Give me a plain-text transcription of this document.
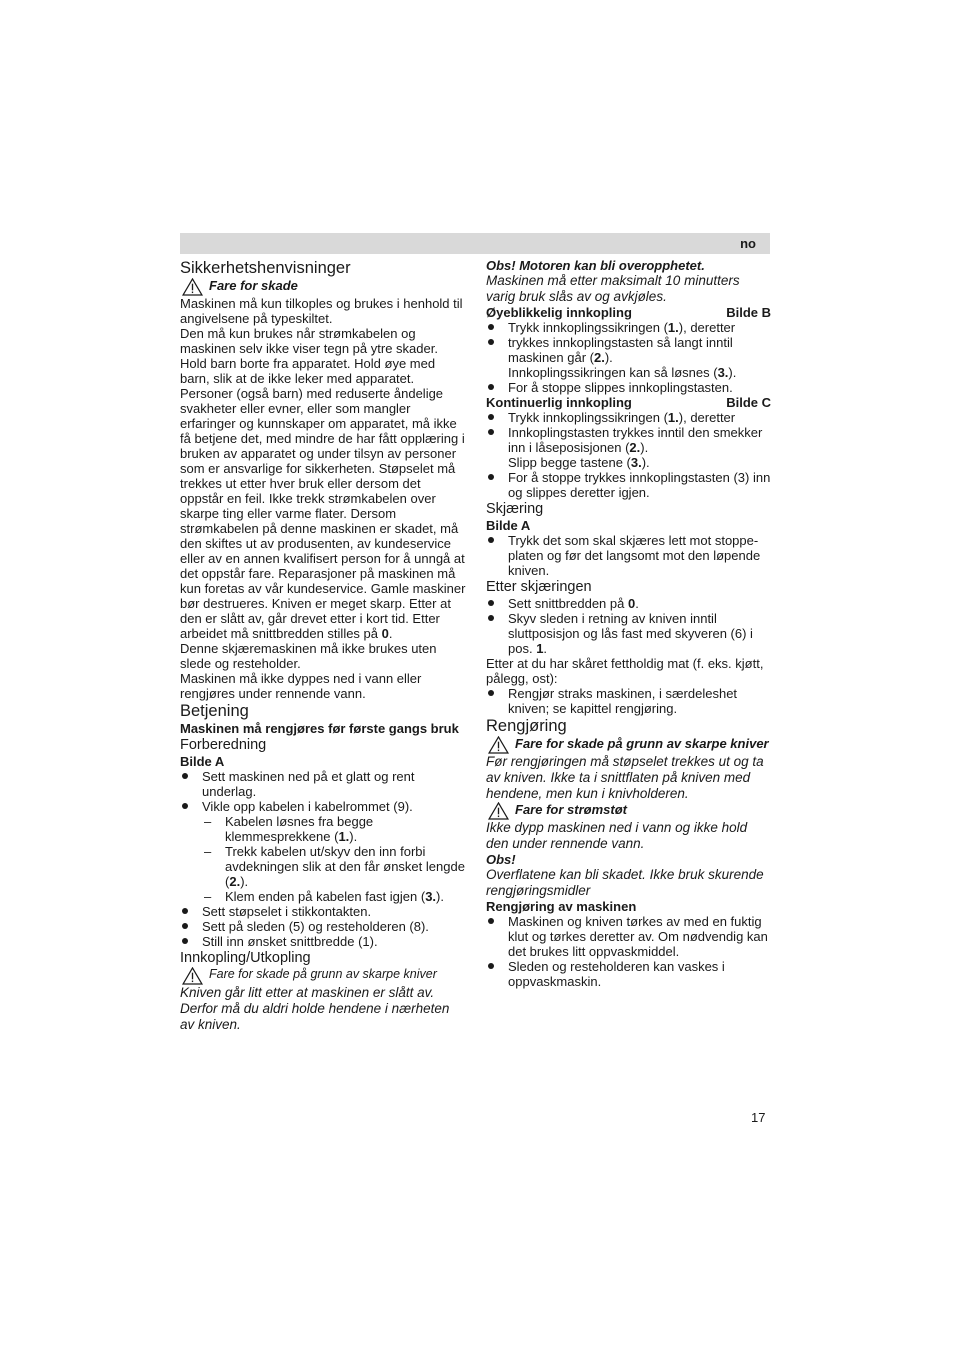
no
Sikkerhetshenvisninger
Fare for skade

Maskinen må kun tilkoples og brukes i henhold til angivelsene på typeskiltet.

Den må kun brukes når strømkabelen og maskinen selv ikke viser tegn på ytre skader. Hold barn borte fra apparatet. Hold øye med barn, slik at de ikke leker med apparatet. Personer (også barn) med reduserte åndelige svakheter eller evner, eller som mangler erfaringer og kunnskaper om apparatet, må ikke få betjene det, med mindre de har fått opplæring i bruken av apparatet og under tilsyn av personer som er ansvarlige for sikkerheten. Støpselet må trekkes ut etter hver bruk eller dersom det oppstår en feil. Ikke trekk strømkabelen over skarpe ting eller varme flater. Dersom strømkabelen på denne maskinen er skadet, må den skiftes ut av produsenten, av kundeservice eller av en annen kvalifisert person for å unngå at det oppstår fare. Reparasjoner på maskinen må kun foretas av vår kundeservice. Gamle maskiner bør destrueres. Kniven er meget skarp. Etter at den er slått av, går drevet etter i kort tid. Etter arbeidet må snittbredden stilles på 0.

Denne skjæremaskinen må ikke brukes uten slede og resteholder.

Maskinen må ikke dyppes ned i vann eller rengjøres under rennende vann.

Betjening
Maskinen må rengjøres før første gangs bruk
Forberedning
Bilde A
Sett maskinen ned på et glatt og rent underlag.
Vikle opp kabelen i kabelrommet (9).
– Kabelen løsnes fra begge klemmesprekkene (1.).
– Trekk kabelen ut/skyv den inn forbi avdekningen slik at den får ønsket lengde (2.).
– Klem enden på kabelen fast igjen (3.).
Sett støpselet i stikkontakten.
Sett på sleden (5) og resteholderen (8).
Still inn ønsket snittbredde (1).
Innkopling/Utkopling
Fare for skade på grunn av skarpe kniver

Kniven går litt etter at maskinen er slått av. Derfor må du aldri holde hendene i nærheten av kniven.

Obs! Motoren kan bli overopphetet.

Maskinen må etter maksimalt 10 minutters varig bruk slås av og avkjøles.

Øyeblikkelig innkopling	Bilde B
Trykk innkoplingssikringen (1.), deretter
trykkes innkoplingstasten så langt inntil maskinen går (2.).
Innkoplingssikringen kan så løsnes (3.).
For å stoppe slippes innkoplingstasten.
Kontinuerlig innkopling	Bilde C
Trykk innkoplingssikringen (1.), deretter
Innkoplingstasten trykkes inntil den smekker inn i låseposisjonen (2.).
Slipp begge tastene (3.).
For å stoppe trykkes innkoplingstasten (3) inn og slippes deretter igjen.
Skjæring
Bilde A
Trykk det som skal skjæres lett mot stoppe-platen og før det langsomt mot den løpende kniven.
Etter skjæringen
Sett snittbredden på 0.
Skyv sleden i retning av kniven inntil sluttposisjon og lås fast med skyveren (6) i pos. 1.

Etter at du har skåret fettholdig mat (f. eks. kjøtt, pålegg, ost):

Rengjør straks maskinen, i særdeleshet kniven; se kapittel rengjøring.
Rengjøring
Fare for skade på grunn av skarpe kniver

Før rengjøringen må støpselet trekkes ut og ta av kniven. Ikke ta i snittflaten på kniven med hendene, men kun i knivholderen.

Fare for strømstøt

Ikke dypp maskinen ned i vann og ikke hold den under rennende vann.

Obs!

Overflatene kan bli skadet. Ikke bruk skurende rengjøringsmidler

Rengjøring av maskinen
Maskinen og kniven tørkes av med en fuktig klut og tørkes deretter av. Om nødvendig kan det brukes litt oppvaskmiddel.
Sleden og resteholderen kan vaskes i oppvaskmaskin.
17
